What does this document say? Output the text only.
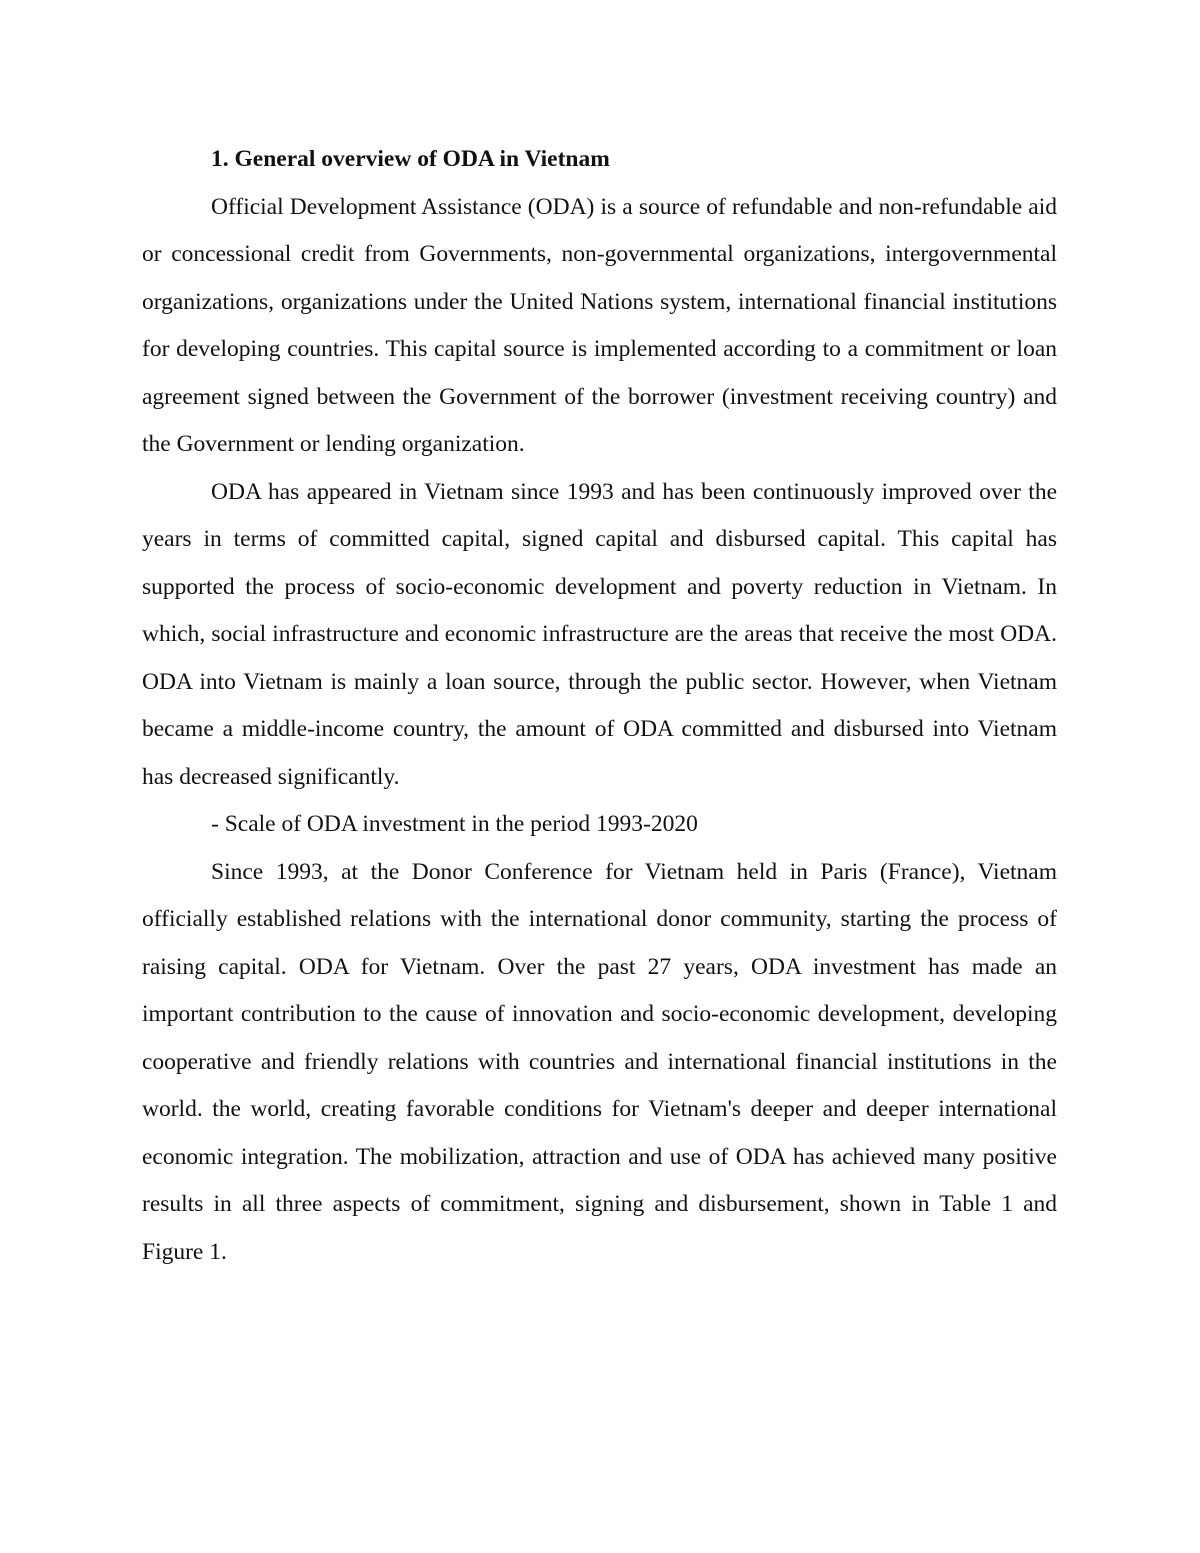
1. General overview of ODA in Vietnam

Official Development Assistance (ODA) is a source of refundable and non-refundable aid or concessional credit from Governments, non-governmental organizations, intergovernmental organizations, organizations under the United Nations system, international financial institutions for developing countries. This capital source is implemented according to a commitment or loan agreement signed between the Government of the borrower (investment receiving country) and the Government or lending organization.

ODA has appeared in Vietnam since 1993 and has been continuously improved over the years in terms of committed capital, signed capital and disbursed capital. This capital has supported the process of socio-economic development and poverty reduction in Vietnam. In which, social infrastructure and economic infrastructure are the areas that receive the most ODA. ODA into Vietnam is mainly a loan source, through the public sector. However, when Vietnam became a middle-income country, the amount of ODA committed and disbursed into Vietnam has decreased significantly.

- Scale of ODA investment in the period 1993-2020

Since 1993, at the Donor Conference for Vietnam held in Paris (France), Vietnam officially established relations with the international donor community, starting the process of raising capital. ODA for Vietnam. Over the past 27 years, ODA investment has made an important contribution to the cause of innovation and socio-economic development, developing cooperative and friendly relations with countries and international financial institutions in the world. the world, creating favorable conditions for Vietnam's deeper and deeper international economic integration. The mobilization, attraction and use of ODA has achieved many positive results in all three aspects of commitment, signing and disbursement, shown in Table 1 and Figure 1.
